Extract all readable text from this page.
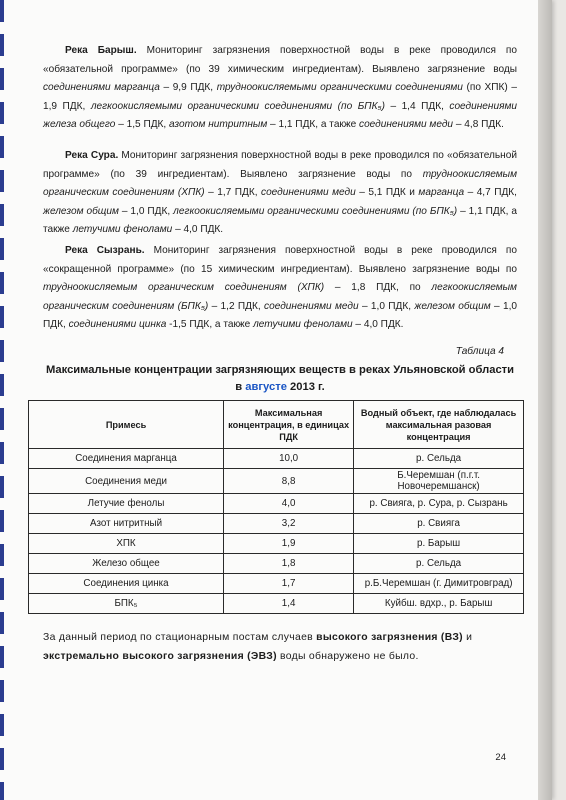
Река Барыш. Мониторинг загрязнения поверхностной воды в реке проводился по «обязательной программе» (по 39 химическим ингредиентам). Выявлено загрязнение воды соединениями марганца – 9,9 ПДК, трудноокисляемыми органическими соединениями (по ХПК) – 1,9 ПДК, легкоокисляемыми органическими соединениями (по БПК₅) – 1,4 ПДК, соединениями железа общего – 1,5 ПДК, азотом нитритным – 1,1 ПДК, а также соединениями меди – 4,8 ПДК.

Река Сура. Мониторинг загрязнения поверхностной воды в реке проводился по «обязательной программе» (по 39 ингредиентам). Выявлено загрязнение воды по трудноокисляемым органическим соединениям (ХПК) – 1,7 ПДК, соединениями меди – 5,1 ПДК и марганца – 4,7 ПДК, железом общим – 1,0 ПДК, легкоокисляемыми органическими соединениями (по БПК₅) – 1,1 ПДК, а также летучими фенолами – 4,0 ПДК.

Река Сызрань. Мониторинг загрязнения поверхностной воды в реке проводился по «сокращенной программе» (по 15 химическим ингредиентам). Выявлено загрязнение воды по трудноокисляемым органическим соединениям (ХПК) – 1,8 ПДК, по легкоокисляемым органическим соединениям (БПК₅) – 1,2 ПДК, соединениями меди – 1,0 ПДК, железом общим – 1,0 ПДК, соединениями цинка -1,5 ПДК, а также летучими фенолами – 4,0 ПДК.

Таблица 4
Максимальные концентрации загрязняющих веществ в реках Ульяновской области в августе 2013 г.
Примесь	Максимальная концентрация, в единицах ПДК	Водный объект, где наблюдалась максимальная разовая концентрация
Соединения марганца	10,0	р. Сельда
Соединения меди	8,8	Б.Черемшан (п.г.т. Новочеремшанск)
Летучие фенолы	4,0	р. Свияга, р. Сура, р. Сызрань
Азот нитритный	3,2	р. Свияга
ХПК	1,9	р. Барыш
Железо общее	1,8	р. Сельда
Соединения цинка	1,7	р.Б.Черемшан (г. Димитровград)
БПК₅	1,4	Куйбш. вдхр., р. Барыш

За данный период по стационарным постам случаев высокого загрязнения (ВЗ) и экстремально высокого загрязнения (ЭВЗ) воды обнаружено не было.

24
